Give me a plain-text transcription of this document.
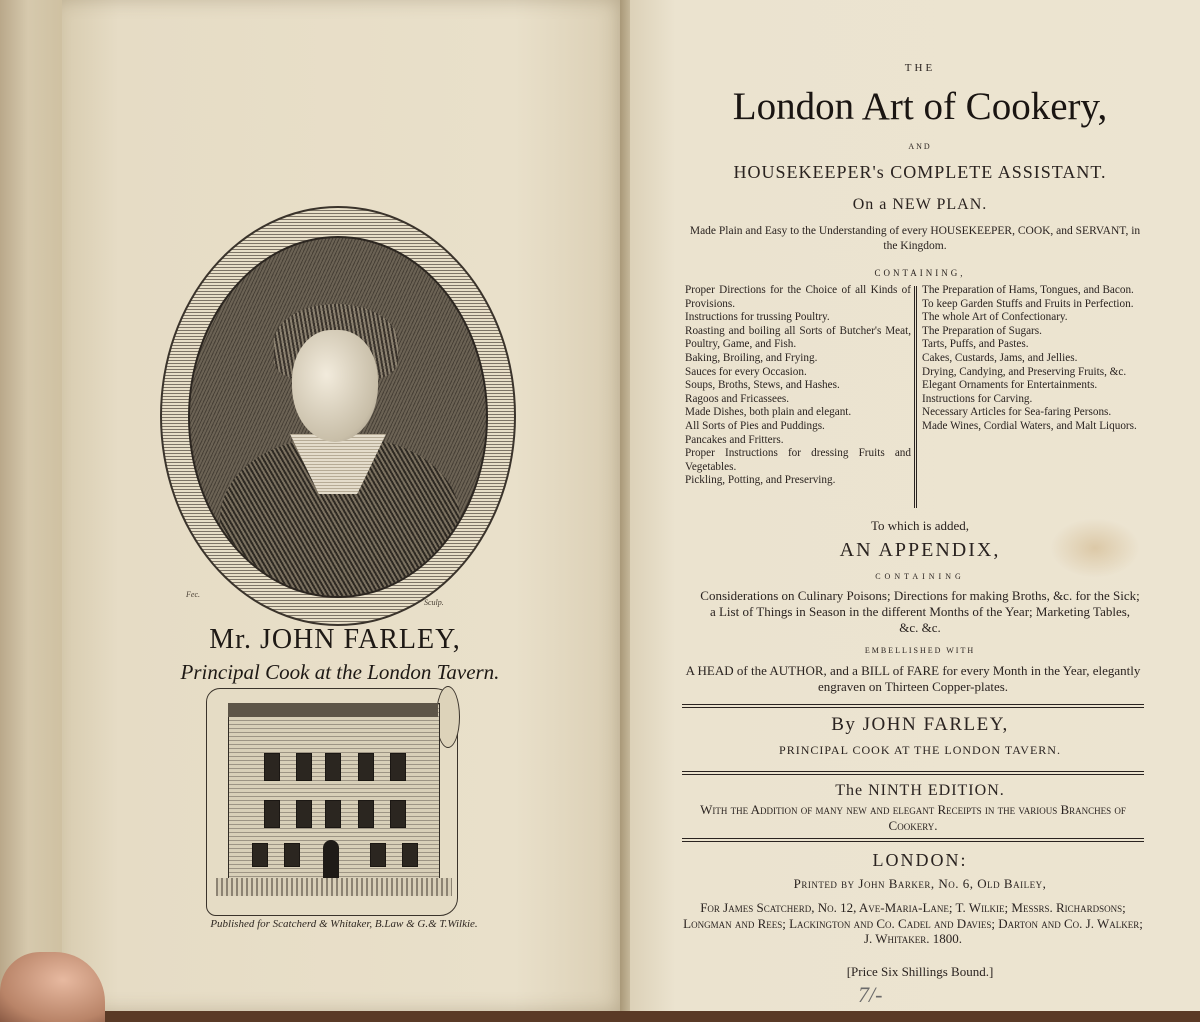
Fec.
Sculp.
Mr. JOHN FARLEY,
Principal Cook at the London Tavern.
Published for Scatcherd & Whitaker, B.Law & G.& T.Wilkie.
THE
London Art of Cookery,
AND
HOUSEKEEPER's COMPLETE ASSISTANT.
On a NEW PLAN.
Made Plain and Easy to the Understanding of every HOUSEKEEPER, COOK, and SERVANT, in the Kingdom.
CONTAINING,
Proper Directions for the Choice of all Kinds of Provisions.
Instructions for trussing Poultry.
Roasting and boiling all Sorts of Butcher's Meat, Poultry, Game, and Fish.
Baking, Broiling, and Frying.
Sauces for every Occasion.
Soups, Broths, Stews, and Hashes.
Ragoos and Fricassees.
Made Dishes, both plain and elegant.
All Sorts of Pies and Puddings.
Pancakes and Fritters.
Proper Instructions for dressing Fruits and Vegetables.
Pickling, Potting, and Preserving.
The Preparation of Hams, Tongues, and Bacon.
To keep Garden Stuffs and Fruits in Perfection.
The whole Art of Confectionary.
The Preparation of Sugars.
Tarts, Puffs, and Pastes.
Cakes, Custards, Jams, and Jellies.
Drying, Candying, and Preserving Fruits, &c.
Elegant Ornaments for Entertainments.
Instructions for Carving.
Necessary Articles for Sea-faring Persons.
Made Wines, Cordial Waters, and Malt Liquors.
To which is added,
AN APPENDIX,
CONTAINING
Considerations on Culinary Poisons; Directions for making Broths, &c. for the Sick; a List of Things in Season in the different Months of the Year; Marketing Tables, &c. &c.
EMBELLISHED WITH
A HEAD of the AUTHOR, and a BILL of FARE for every Month in the Year, elegantly engraven on Thirteen Copper-plates.
By JOHN FARLEY,
PRINCIPAL COOK AT THE LONDON TAVERN.
The NINTH EDITION.
With the Addition of many new and elegant Receipts in the various Branches of Cookery.
LONDON:
Printed by John Barker, No. 6, Old Bailey,
For James Scatcherd, No. 12, Ave-Maria-Lane; T. Wilkie; Messrs. Richardsons; Longman and Rees; Lackington and Co. Cadel and Davies; Darton and Co. J. Walker; J. Whitaker. 1800.
[Price Six Shillings Bound.]
7/-
